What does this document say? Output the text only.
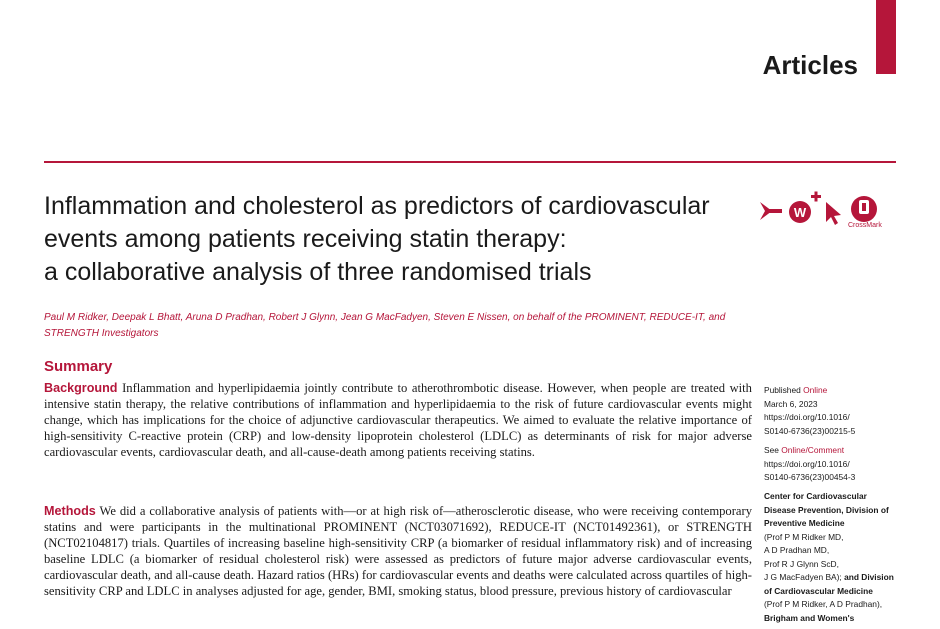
Articles
Inflammation and cholesterol as predictors of cardiovascular
events among patients receiving statin therapy:
a collaborative analysis of three randomised trials
W
CrossMark

Paul M Ridker, Deepak L Bhatt, Aruna D Pradhan, Robert J Glynn, Jean G MacFadyen, Steven E Nissen, on behalf of the PROMINENT, REDUCE-IT, and STRENGTH Investigators

Summary

Background Inflammation and hyperlipidaemia jointly contribute to atherothrombotic disease. However, when people are treated with intensive statin therapy, the relative contributions of inflammation and hyperlipidaemia to the risk of future cardiovascular events might change, which has implications for the choice of adjunctive cardiovascular therapeutics. We aimed to evaluate the relative importance of high-sensitivity C-reactive protein (CRP) and low-density lipoprotein cholesterol (LDLC) as determinants of risk for major adverse cardiovascular events, cardiovascular death, and all-cause-death among patients receiving statins.

Methods We did a collaborative analysis of patients with—or at high risk of—atherosclerotic disease, who were receiving contemporary statins and were participants in the multinational PROMINENT (NCT03071692), REDUCE-IT (NCT01492361), or STRENGTH (NCT02104817) trials. Quartiles of increasing baseline high-sensitivity CRP (a biomarker of residual inflammatory risk) and of increasing baseline LDLC (a biomarker of residual cholesterol risk) were assessed as predictors of future major adverse cardiovascular events, cardiovascular death, and all-cause death. Hazard ratios (HRs) for cardiovascular events and deaths were calculated across quartiles of high-sensitivity CRP and LDLC in analyses adjusted for age, gender, BMI, smoking status, blood pressure, previous history of cardiovascular

Published Online
March 6, 2023
https://doi.org/10.1016/
S0140-6736(23)00215-5
See Online/Comment
https://doi.org/10.1016/
S0140-6736(23)00454-3
Center for Cardiovascular
Disease Prevention, Division of
Preventive Medicine
(Prof P M Ridker MD,
A D Pradhan MD,
Prof R J Glynn ScD,
J G MacFadyen BA); and Division
of Cardiovascular Medicine
(Prof P M Ridker, A D Pradhan),
Brigham and Women's
